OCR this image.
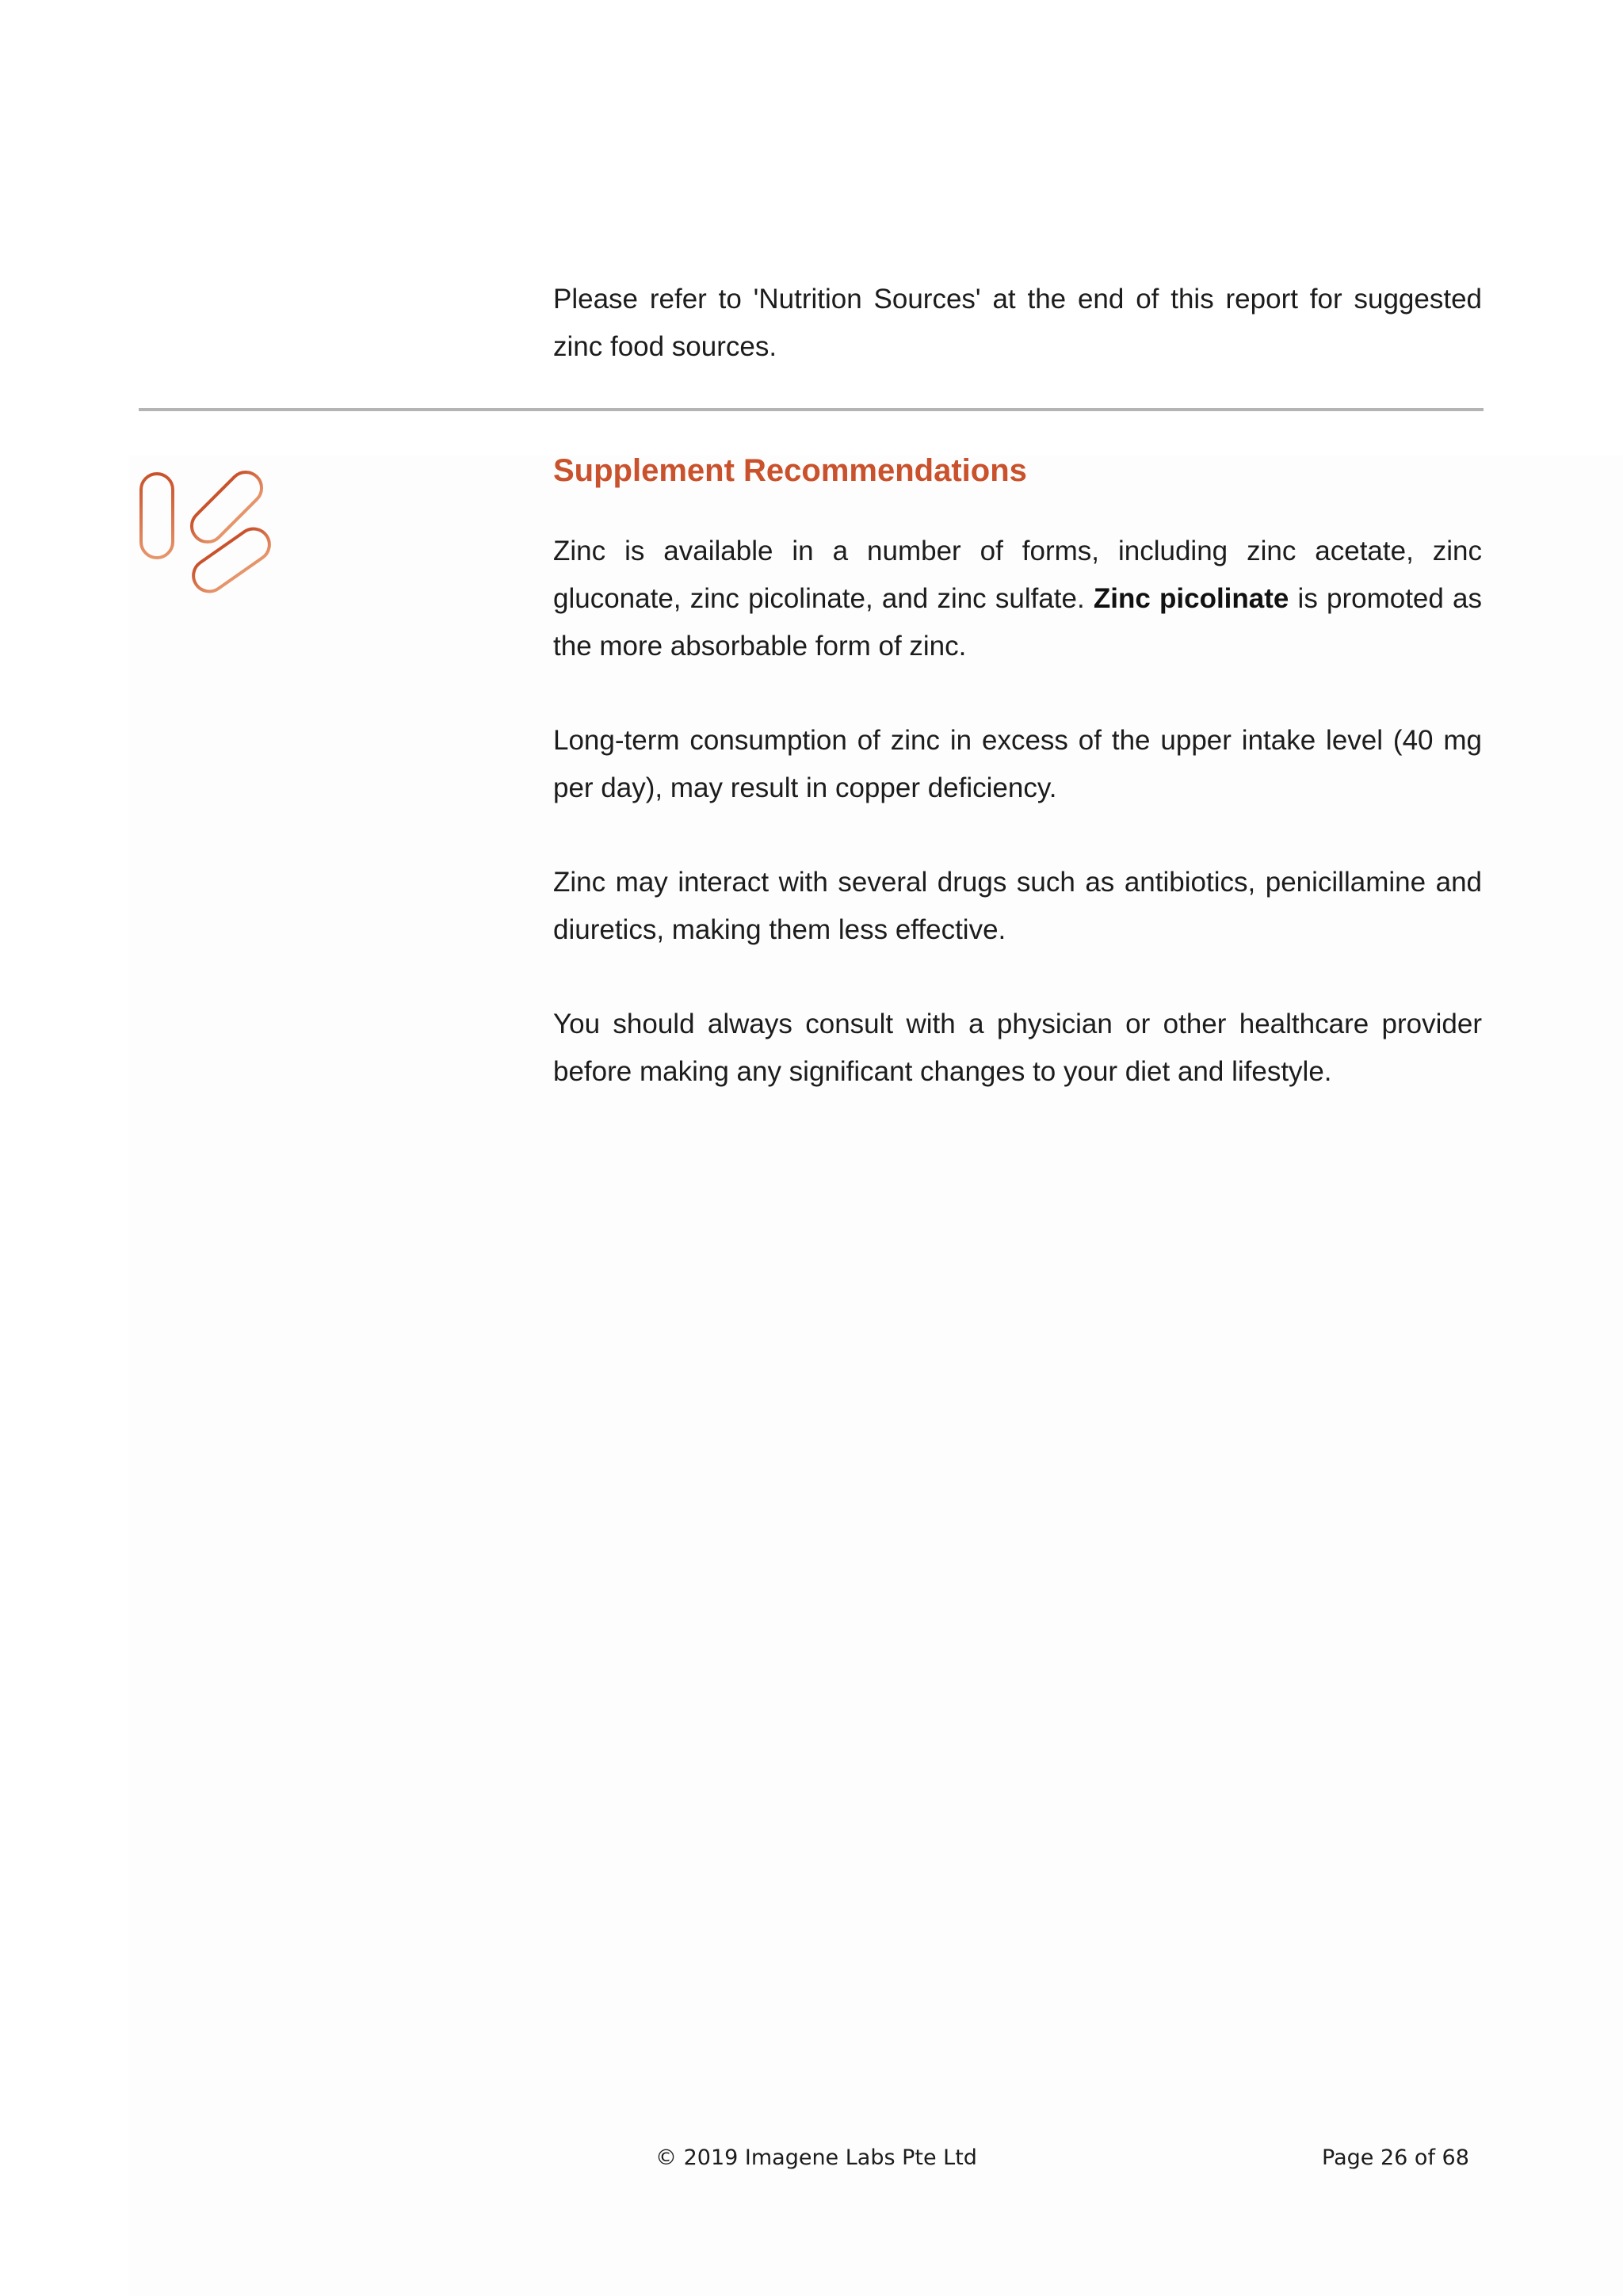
Please refer to 'Nutrition Sources' at the end of this report for suggested zinc food sources.

Supplement Recommendations

Zinc is available in a number of forms, including zinc acetate, zinc gluconate, zinc picolinate, and zinc sulfate. Zinc picolinate is promoted as the more absorbable form of zinc.

Long-term consumption of zinc in excess of the upper intake level (40 mg per day), may result in copper deficiency.

Zinc may interact with several drugs such as antibiotics, penicillamine and diuretics, making them less effective.

You should always consult with a physician or other healthcare provider before making any significant changes to your diet and lifestyle.

© 2019 Imagene Labs Pte Ltd	Page 26 of 68
